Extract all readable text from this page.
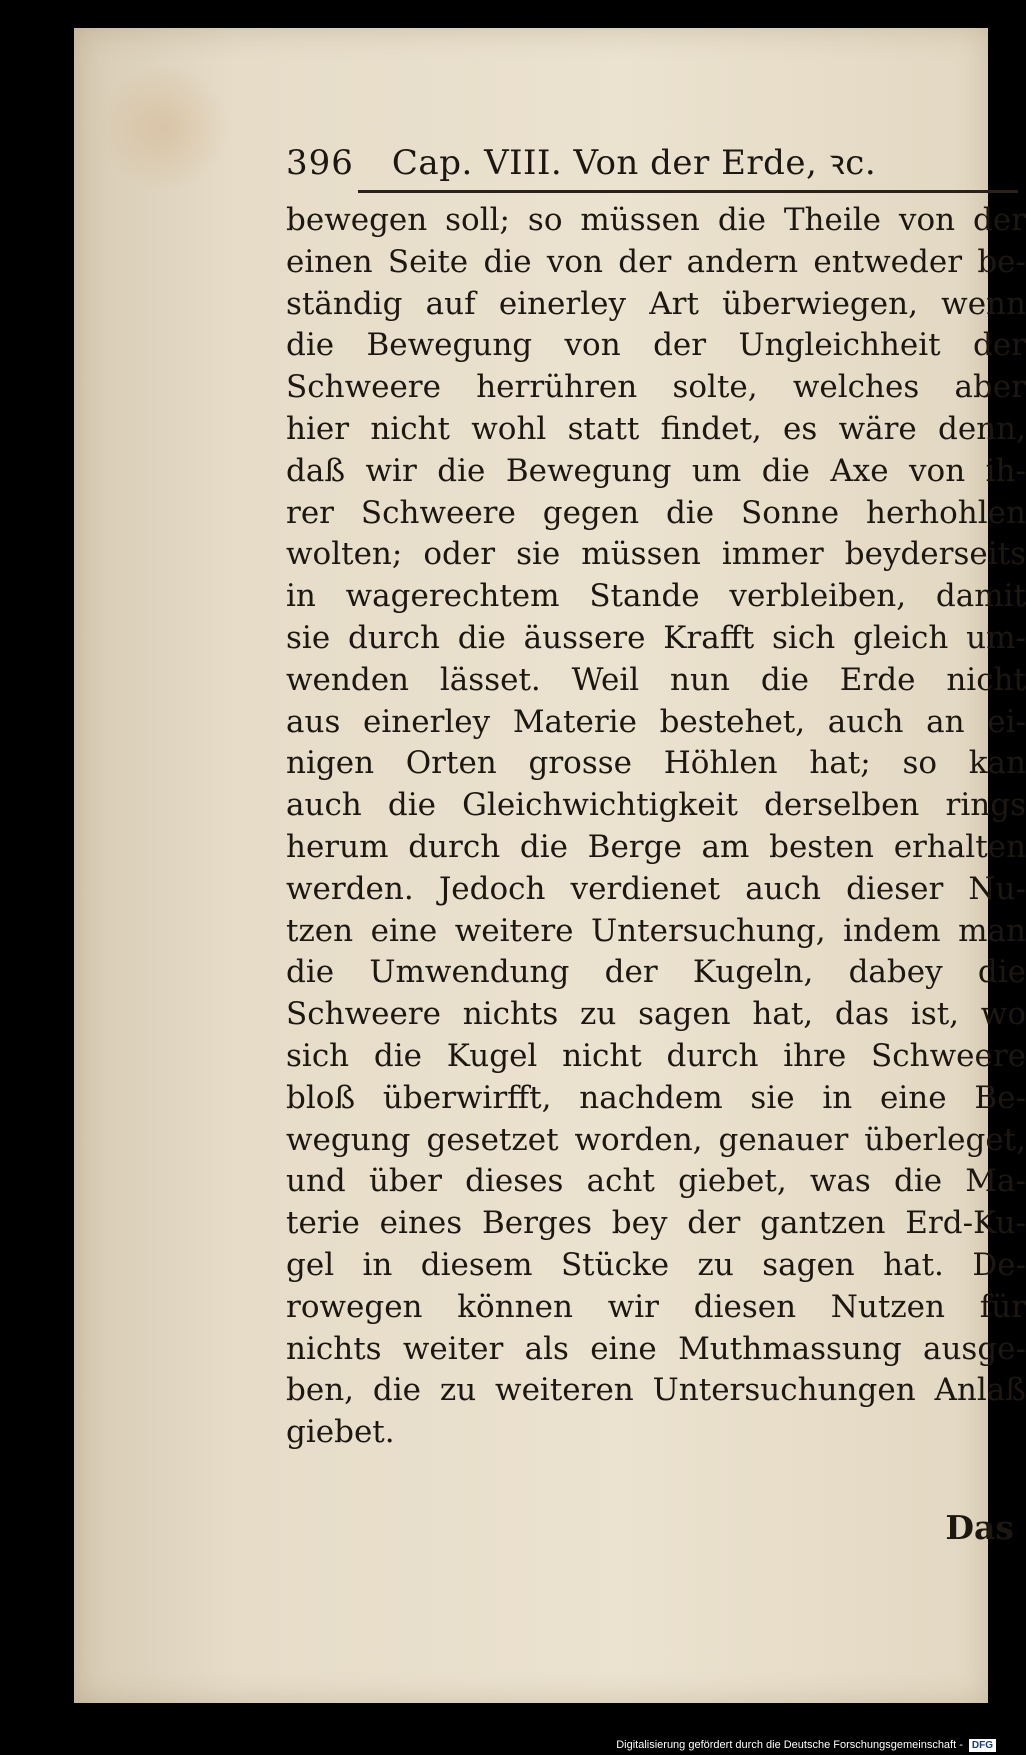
396 Cap. VIII. Von der Erde, ꝛc.
bewegen soll; so müssen die Theile von der
einen Seite die von der andern entweder be-
ständig auf einerley Art überwiegen, wenn
die Bewegung von der Ungleichheit der
Schweere herrühren solte, welches aber
hier nicht wohl statt findet, es wäre denn,
daß wir die Bewegung um die Axe von ih-
rer Schweere gegen die Sonne herhohlen
wolten; oder sie müssen immer beyderseits
in wagerechtem Stande verbleiben, damit
sie durch die äussere Krafft sich gleich um-
wenden lässet. Weil nun die Erde nicht
aus einerley Materie bestehet, auch an ei-
nigen Orten grosse Höhlen hat; so kan
auch die Gleichwichtigkeit derselben rings
herum durch die Berge am besten erhalten
werden. Jedoch verdienet auch dieser Nu-
tzen eine weitere Untersuchung, indem man
die Umwendung der Kugeln, dabey die
Schweere nichts zu sagen hat, das ist, wo
sich die Kugel nicht durch ihre Schweere
bloß überwirfft, nachdem sie in eine Be-
wegung gesetzet worden, genauer überleget,
und über dieses acht giebet, was die Ma-
terie eines Berges bey der gantzen Erd-Ku-
gel in diesem Stücke zu sagen hat. De-
rowegen können wir diesen Nutzen für
nichts weiter als eine Muthmassung ausge-
ben, die zu weiteren Untersuchungen Anlaß
giebet.
Das
Digitalisierung gefördert durch die Deutsche Forschungsgemeinschaft - DFG
